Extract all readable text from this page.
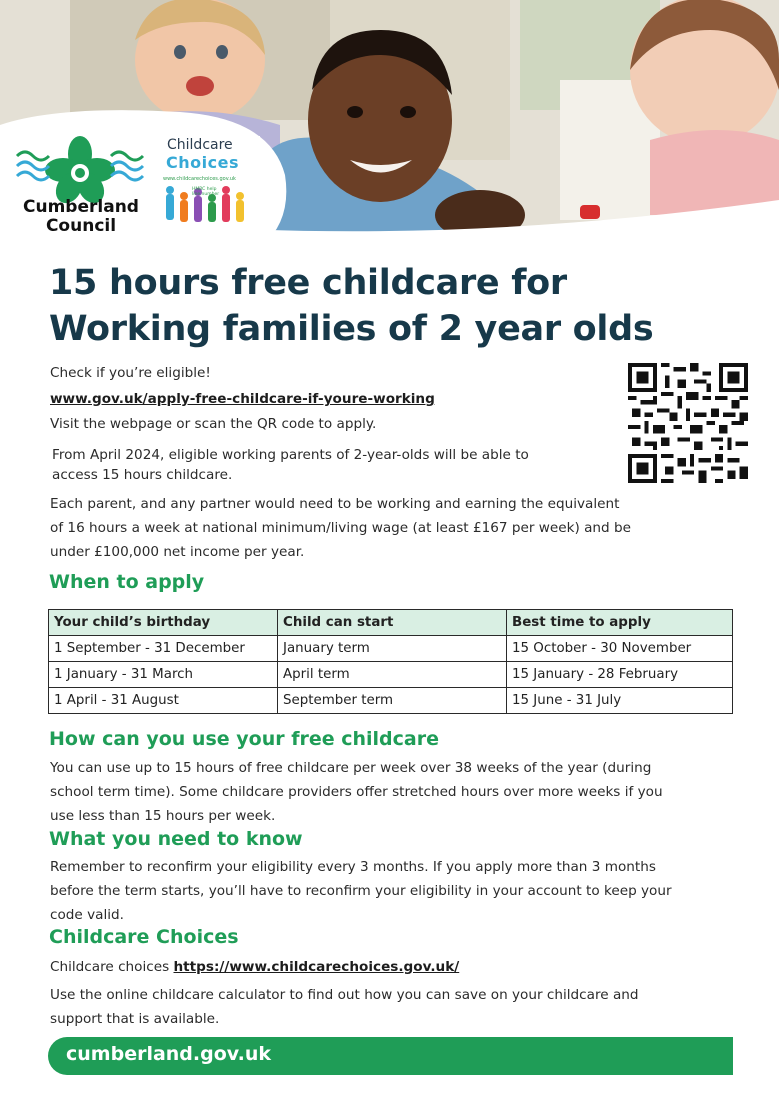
Cumberland
Council
Childcare
Choices
www.childcarechoices.gov.uk
HMRC help line number
15 hours free childcare for
Working families of 2 year olds
Check if you’re eligible!
www.gov.uk/apply-free-childcare-if-youre-working
Visit the webpage or scan the QR code to apply.
From April 2024, eligible working parents of 2-year-olds will be able to
access 15 hours childcare.
Each parent, and any partner would need to be working and earning the equivalent
of 16 hours a week at national minimum/living wage (at least £167 per week) and be
under £100,000 net income per year.
When to apply
Your child’s birthday	Child can start	Best time to apply
1 September - 31 December	January term	15 October - 30 November
1 January - 31 March	April term	15 January - 28 February
1 April - 31 August	September term	15 June - 31 July
How can you use your free childcare
You can use up to 15 hours of free childcare per week over 38 weeks of the year (during
school term time). Some childcare providers offer stretched hours over more weeks if you
use less than 15 hours per week.
What you need to know
Remember to reconfirm your eligibility every 3 months. If you apply more than 3 months
before the term starts, you’ll have to reconfirm your eligibility in your account to keep your
code valid.
Childcare Choices
Childcare choices https://www.childcarechoices.gov.uk/
Use the online childcare calculator to find out how you can save on your childcare and
support that is available.
cumberland.gov.uk
